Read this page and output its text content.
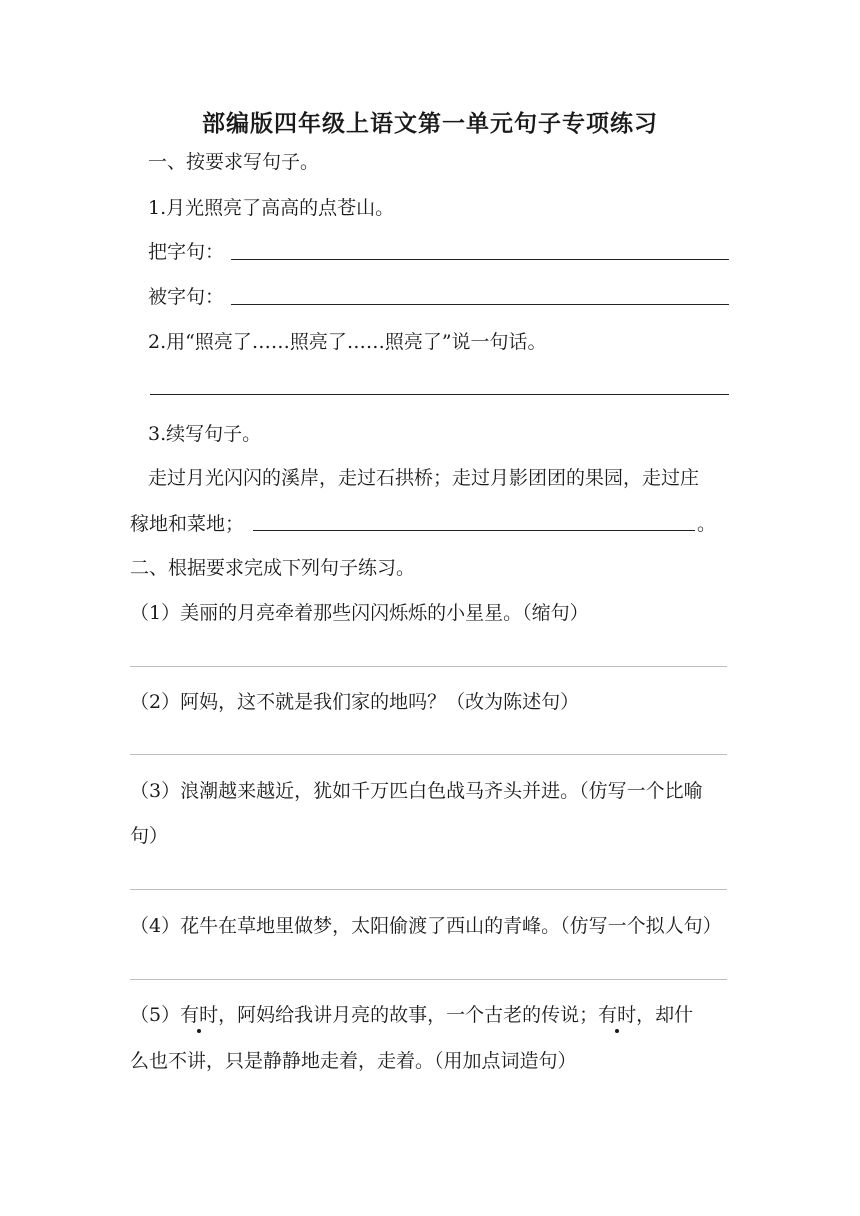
部编版四年级上语文第一单元句子专项练习
一、按要求写句子。
1.月光照亮了高高的点苍山。
把字句：
被字句：
2.用“照亮了……照亮了……照亮了”说一句话。
3.续写句子。
走过月光闪闪的溪岸，走过石拱桥；走过月影团团的果园，走过庄
稼地和菜地；	。
二、根据要求完成下列句子练习。
（1）美丽的月亮牵着那些闪闪烁烁的小星星。（缩句）
（2）阿妈，这不就是我们家的地吗？（改为陈述句）
（3）浪潮越来越近，犹如千万匹白色战马齐头并进。（仿写一个比喻
句）
（4）花牛在草地里做梦，太阳偷渡了西山的青峰。（仿写一个拟人句）
（5）有时，阿妈给我讲月亮的故事，一个古老的传说；有时，却什
么也不讲，只是静静地走着，走着。（用加点词造句）
